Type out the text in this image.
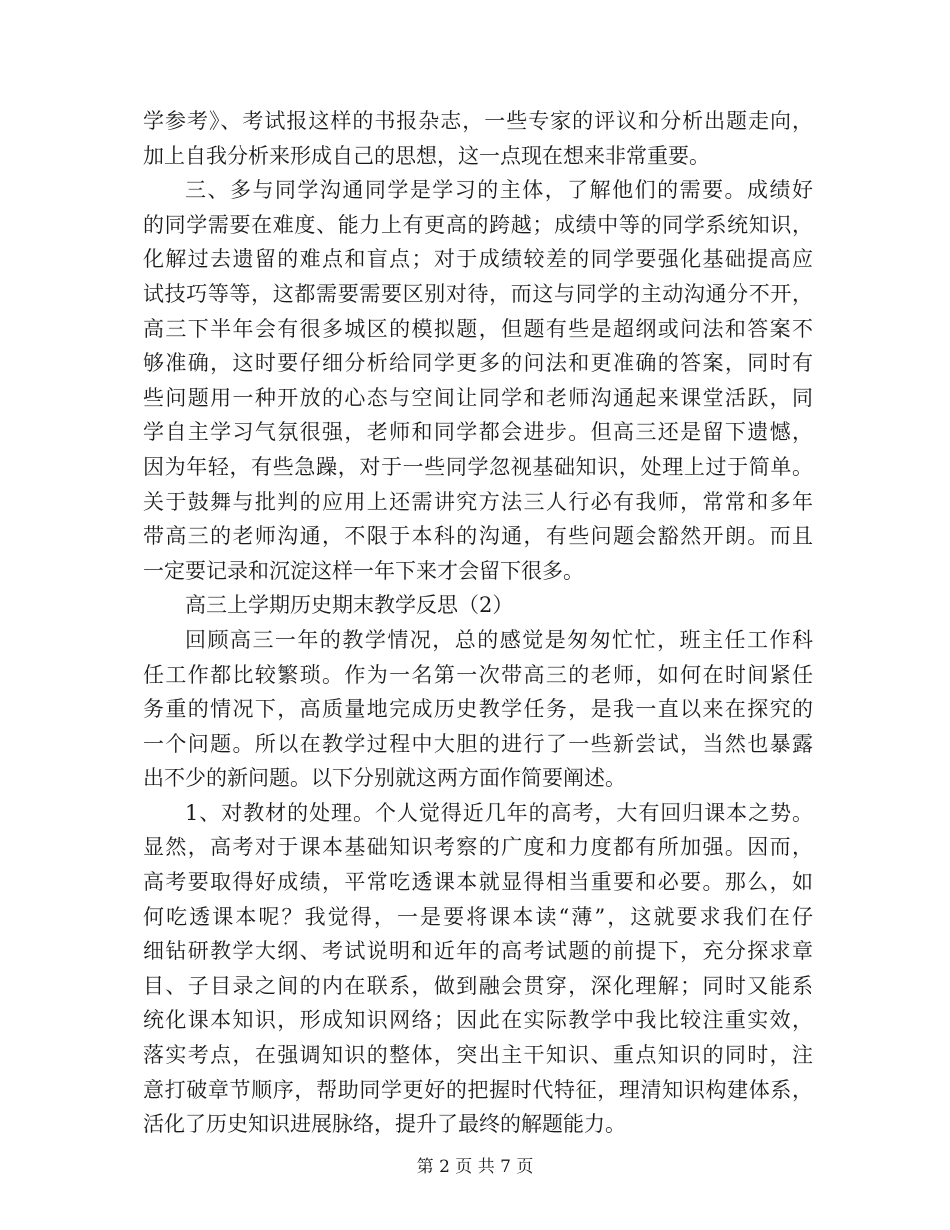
学参考》、考试报这样的书报杂志，一些专家的评议和分析出题走向，
加上自我分析来形成自己的思想，这一点现在想来非常重要。
三、多与同学沟通同学是学习的主体，了解他们的需要。成绩好
的同学需要在难度、能力上有更高的跨越；成绩中等的同学系统知识，
化解过去遗留的难点和盲点；对于成绩较差的同学要强化基础提高应
试技巧等等，这都需要需要区别对待，而这与同学的主动沟通分不开，
高三下半年会有很多城区的模拟题，但题有些是超纲或问法和答案不
够准确，这时要仔细分析给同学更多的问法和更准确的答案，同时有
些问题用一种开放的心态与空间让同学和老师沟通起来课堂活跃，同
学自主学习气氛很强，老师和同学都会进步。但高三还是留下遗憾，
因为年轻，有些急躁，对于一些同学忽视基础知识，处理上过于简单。
关于鼓舞与批判的应用上还需讲究方法三人行必有我师，常常和多年
带高三的老师沟通，不限于本科的沟通，有些问题会豁然开朗。而且
一定要记录和沉淀这样一年下来才会留下很多。
高三上学期历史期末教学反思（2）
回顾高三一年的教学情况，总的感觉是匆匆忙忙，班主任工作科
任工作都比较繁琐。作为一名第一次带高三的老师，如何在时间紧任
务重的情况下，高质量地完成历史教学任务，是我一直以来在探究的
一个问题。所以在教学过程中大胆的进行了一些新尝试，当然也暴露
出不少的新问题。以下分别就这两方面作简要阐述。
1、对教材的处理。个人觉得近几年的高考，大有回归课本之势。
显然，高考对于课本基础知识考察的广度和力度都有所加强。因而，
高考要取得好成绩，平常吃透课本就显得相当重要和必要。那么，如
何吃透课本呢？我觉得，一是要将课本读“薄”，这就要求我们在仔
细钻研教学大纲、考试说明和近年的高考试题的前提下，充分探求章
目、子目录之间的内在联系，做到融会贯穿，深化理解；同时又能系
统化课本知识，形成知识网络；因此在实际教学中我比较注重实效，
落实考点，在强调知识的整体，突出主干知识、重点知识的同时，注
意打破章节顺序，帮助同学更好的把握时代特征，理清知识构建体系，
活化了历史知识进展脉络，提升了最终的解题能力。
第 2 页 共 7 页
